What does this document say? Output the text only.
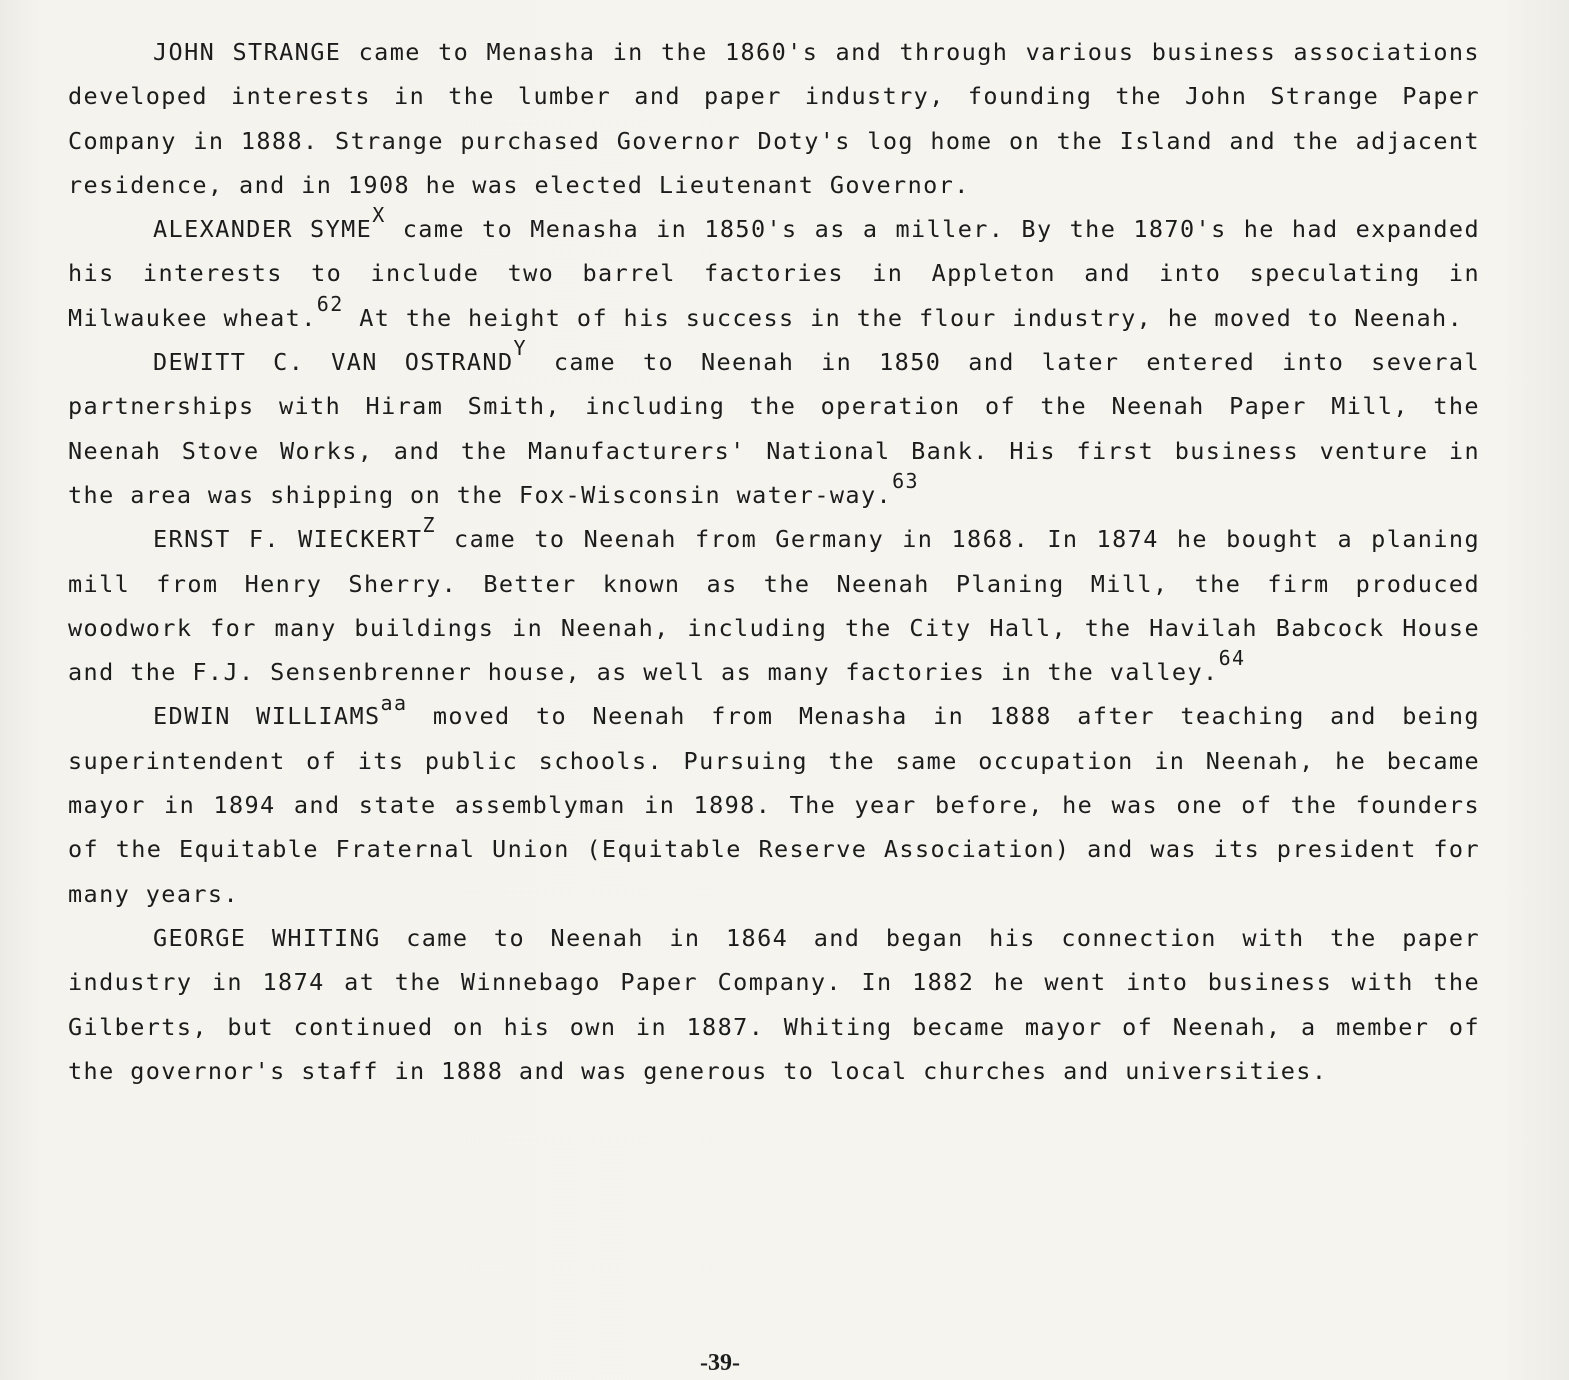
JOHN STRANGE came to Menasha in the 1860's and through various business associations developed interests in the lumber and paper industry, founding the John Strange Paper Company in 1888. Strange purchased Governor Doty's log home on the Island and the adjacent residence, and in 1908 he was elected Lieutenant Governor.

ALEXANDER $SYME^X$ came to Menasha in 1850's as a miller. By the 1870's he had expanded his interests to include two barrel factories in Appleton and into speculating in Milwaukee wheat.$^{62}$ At the height of his success in the flour industry, he moved to Neenah.

DEWITT C. VAN $OSTRAND^Y$ came to Neenah in 1850 and later entered into several partnerships with Hiram Smith, including the operation of the Neenah Paper Mill, the Neenah Stove Works, and the Manufacturers' National Bank. His first business venture in the area was shipping on the Fox-Wisconsin water-way.$^{63}$

ERNST F. $WIECKERT^Z$ came to Neenah from Germany in 1868. In 1874 he bought a planing mill from Henry Sherry. Better known as the Neenah Planing Mill, the firm produced woodwork for many buildings in Neenah, including the City Hall, the Havilah Babcock House and the F.J. Sensenbrenner house, as well as many factories in the valley.$^{64}$

EDWIN $WILLIAMS^{aa}$ moved to Neenah from Menasha in 1888 after teaching and being superintendent of its public schools. Pursuing the same occupation in Neenah, he became mayor in 1894 and state assemblyman in 1898. The year before, he was one of the founders of the Equitable Fraternal Union (Equitable Reserve Association) and was its president for many years.

GEORGE WHITING came to Neenah in 1864 and began his connection with the paper industry in 1874 at the Winnebago Paper Company. In 1882 he went into business with the Gilberts, but continued on his own in 1887. Whiting became mayor of Neenah, a member of the governor's staff in 1888 and was generous to local churches and universities.

-39-
